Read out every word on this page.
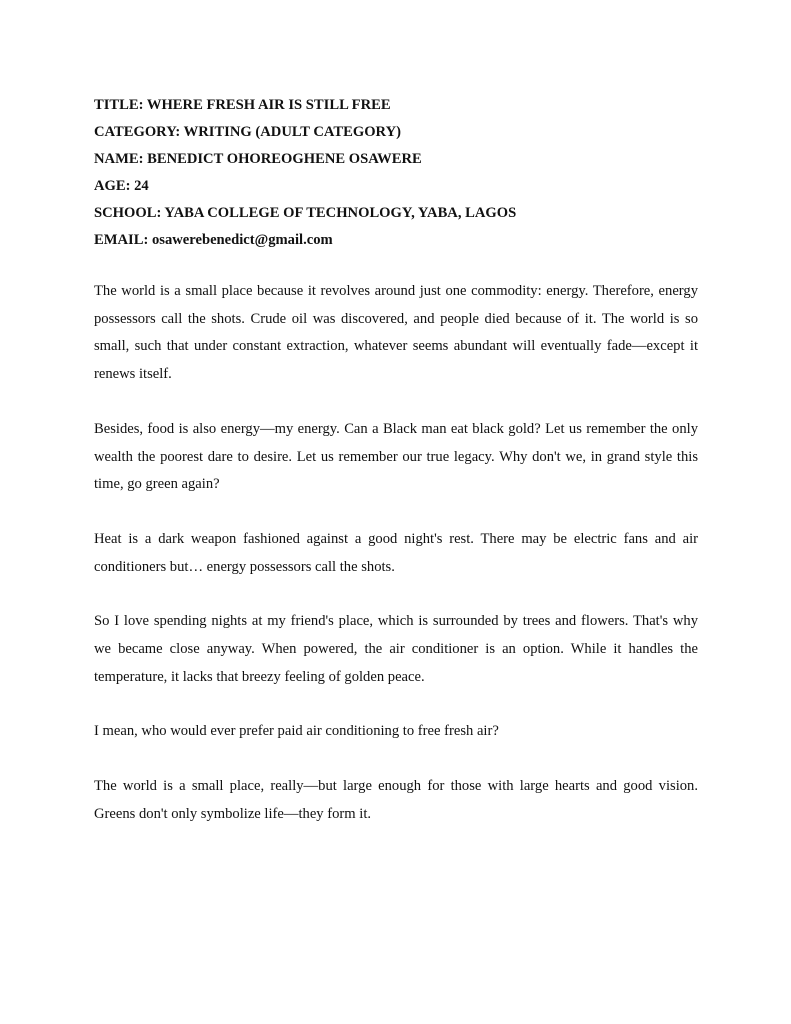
TITLE: WHERE FRESH AIR IS STILL FREE
CATEGORY: WRITING (ADULT CATEGORY)
NAME: BENEDICT OHOREOGHENE OSAWERE
AGE: 24
SCHOOL: YABA COLLEGE OF TECHNOLOGY, YABA, LAGOS
EMAIL: osawerebenedict@gmail.com

The world is a small place because it revolves around just one commodity: energy. Therefore, energy possessors call the shots. Crude oil was discovered, and people died because of it. The world is so small, such that under constant extraction, whatever seems abundant will eventually fade—except it renews itself.

Besides, food is also energy—my energy. Can a Black man eat black gold? Let us remember the only wealth the poorest dare to desire. Let us remember our true legacy. Why don't we, in grand style this time, go green again?

Heat is a dark weapon fashioned against a good night's rest. There may be electric fans and air conditioners but… energy possessors call the shots.

So I love spending nights at my friend's place, which is surrounded by trees and flowers. That's why we became close anyway. When powered, the air conditioner is an option. While it handles the temperature, it lacks that breezy feeling of golden peace.

I mean, who would ever prefer paid air conditioning to free fresh air?

The world is a small place, really—but large enough for those with large hearts and good vision. Greens don't only symbolize life—they form it.
